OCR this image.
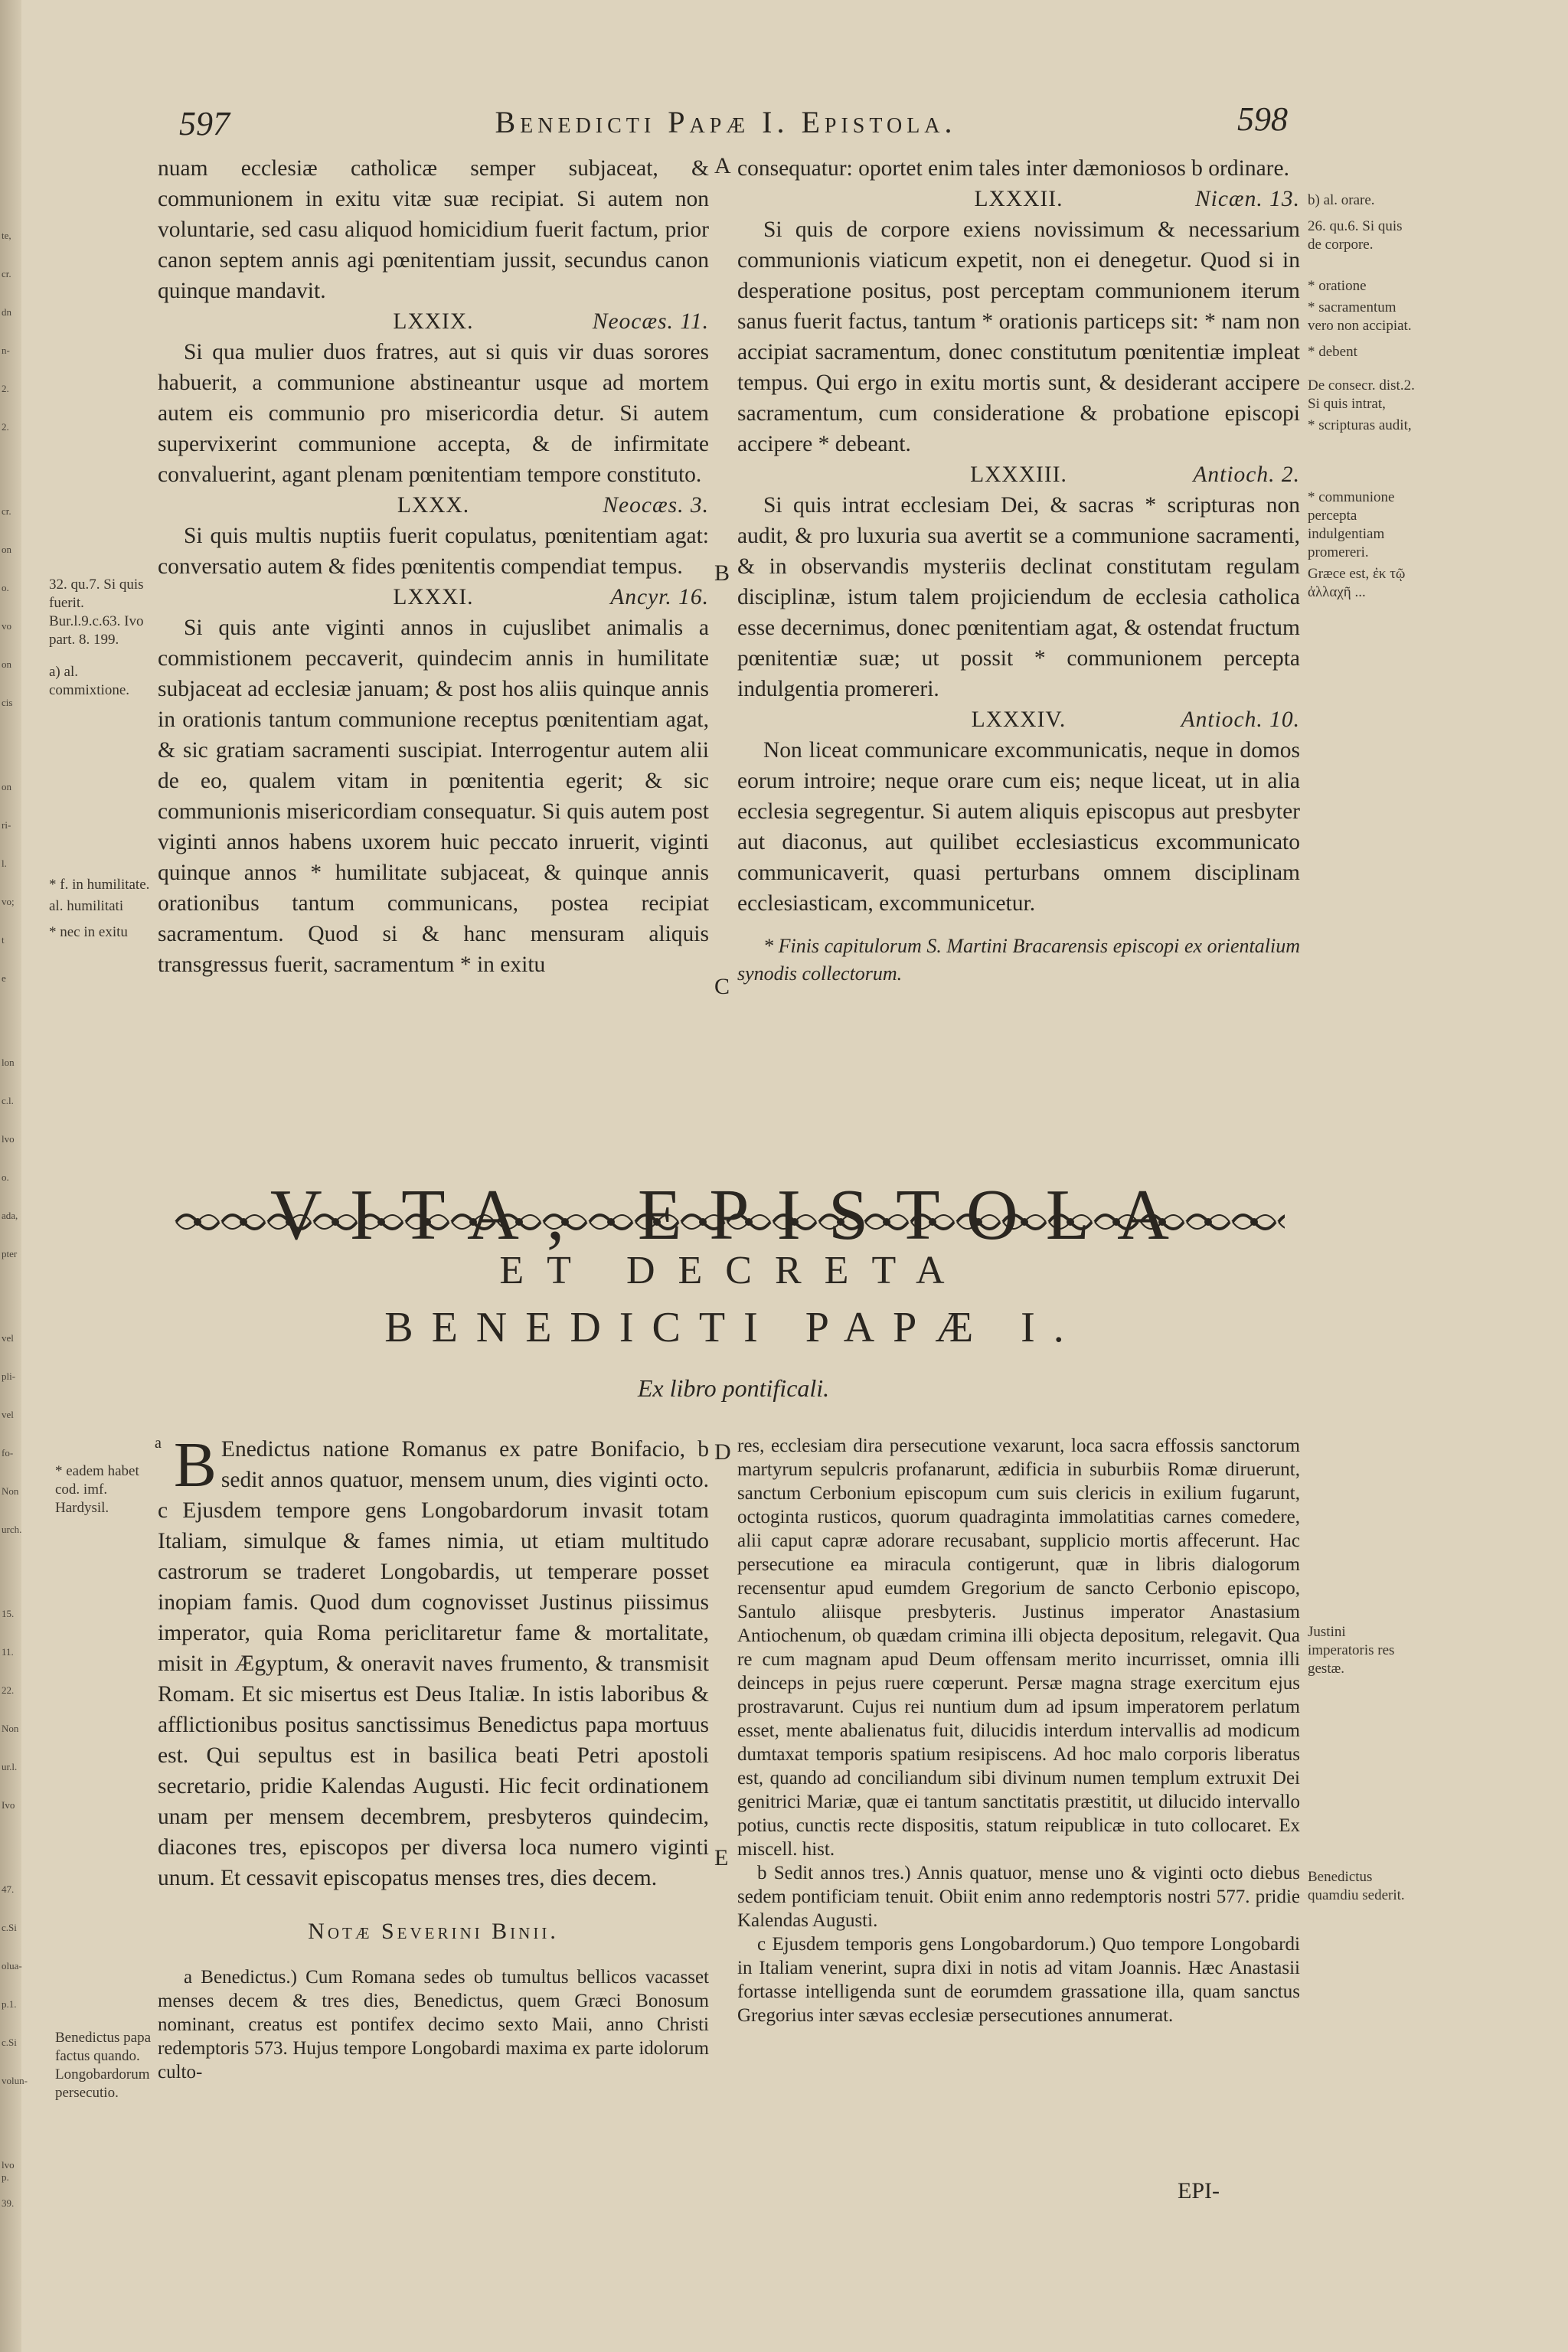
te,
cr.
dn
n-
2.
2.
cr.
on
o.
vo
on
cis
on
ri-
l.
vo;
t
e
lon
c.l.
lvo
o.
ada,
pter
vel
pli-
vel
fo-
Non
urch.
15.
11.
22.
Non
ur.l.
Ivo
47.
c.Si
olua-
p.1.
c.Si
volun-
lvo p.
39.
597	Benedicti Papæ I. Epistola.	598

nuam ecclesiæ catholicæ semper subjaceat, & communionem in exitu vitæ suæ recipiat. Si autem non voluntarie, sed casu aliquod homicidium fuerit factum, prior canon septem annis agi pœnitentiam jussit, secundus canon quinque mandavit.

LXXIX.	Neocæs. 11.

Si qua mulier duos fratres, aut si quis vir duas sorores habuerit, a communione abstineantur usque ad mortem autem eis communio pro misericordia detur. Si autem supervixerint communione accepta, & de infirmitate convaluerint, agant plenam pœnitentiam tempore constituto.

LXXX.	Neocæs. 3.

Si quis multis nuptiis fuerit copulatus, pœnitentiam agat: conversatio autem & fides pœnitentis compendiat tempus.

LXXXI.	Ancyr. 16.

Si quis ante viginti annos in cujuslibet animalis a commistionem peccaverit, quindecim annis in humilitate subjaceat ad ecclesiæ januam; & post hos aliis quinque annis in orationis tantum communione receptus pœnitentiam agat, & sic gratiam sacramenti suscipiat. Interrogentur autem alii de eo, qualem vitam in pœnitentia egerit; & sic communionis misericordiam consequatur. Si quis autem post viginti annos habens uxorem huic peccato inruerit, viginti quinque annos * humilitate subjaceat, & quinque annis orationibus tantum communicans, postea recipiat sacramentum. Quod si & hanc mensuram aliquis transgressus fuerit, sacramentum * in exitu

consequatur: oportet enim tales inter dæmoniosos b ordinare.

LXXXII.	Nicæn. 13.

Si quis de corpore exiens novissimum & necessarium communionis viaticum expetit, non ei denegetur. Quod si in desperatione positus, post perceptam communionem iterum sanus fuerit factus, tantum * orationis particeps sit: * nam non accipiat sacramentum, donec constitutum pœnitentiæ impleat tempus. Qui ergo in exitu mortis sunt, & desiderant accipere sacramentum, cum consideratione & probatione episcopi accipere * debeant.

LXXXIII.	Antioch. 2.

Si quis intrat ecclesiam Dei, & sacras * scripturas non audit, & pro luxuria sua avertit se a communione sacramenti, & in observandis mysteriis declinat constitutam regulam disciplinæ, istum talem projiciendum de ecclesia catholica esse decernimus, donec pœnitentiam agat, & ostendat fructum pœnitentiæ suæ; ut possit * communionem percepta indulgentia promereri.

LXXXIV.	Antioch. 10.

Non liceat communicare excommunicatis, neque in domos eorum introire; neque orare cum eis; neque liceat, ut in alia ecclesia segregentur. Si autem aliquis episcopus aut presbyter aut diaconus, aut quilibet ecclesiasticus excommunicato communicaverit, quasi perturbans omnem disciplinam ecclesiasticam, excommunicetur.

* Finis capitulorum S. Martini Bracarensis episcopi ex orientalium synodis collectorum.

A
B
C
D
E
32. qu.7. Si quis fuerit. Bur.l.9.c.63. Ivo part. 8. 199.
a) al. commixtione.
* f. in humilitate.
al. humilitati
* nec in exitu
b) al. orare.
26. qu.6. Si quis de corpore.
* oratione
* sacramentum vero non accipiat.
* debent
De consecr. dist.2. Si quis intrat,
* scripturas audit,
* communione percepta indulgentiam promereri.
Græce est, ἐκ τῷ ἀλλαχῆ ...
VITA, EPISTOLA
ET DECRETA
BENEDICTI PAPÆ I.
Ex libro pontificali.

a B Enedictus natione Romanus ex patre Bonifacio, b sedit annos quatuor, mensem unum, dies viginti octo. c Ejusdem tempore gens Longobardorum invasit totam Italiam, simulque & fames nimia, ut etiam multitudo castrorum se traderet Longobardis, ut temperare posset inopiam famis. Quod dum cognovisset Justinus piissimus imperator, quia Roma periclitaretur fame & mortalitate, misit in Ægyptum, & oneravit naves frumento, & transmisit Romam. Et sic misertus est Deus Italiæ. In istis laboribus & afflictionibus positus sanctissimus Benedictus papa mortuus est. Qui sepultus est in basilica beati Petri apostoli secretario, pridie Kalendas Augusti. Hic fecit ordinationem unam per mensem decembrem, presbyteros quindecim, diacones tres, episcopos per diversa loca numero viginti unum. Et cessavit episcopatus menses tres, dies decem.

Notæ Severini Binii.

a Benedictus.) Cum Romana sedes ob tumultus bellicos vacasset menses decem & tres dies, Benedictus, quem Græci Bonosum nominant, creatus est pontifex decimo sexto Maii, anno Christi redemptoris 573. Hujus tempore Longobardi maxima ex parte idolorum culto-

res, ecclesiam dira persecutione vexarunt, loca sacra effossis sanctorum martyrum sepulcris profanarunt, ædificia in suburbiis Romæ diruerunt, sanctum Cerbonium episcopum cum suis clericis in exilium fugarunt, octoginta rusticos, quorum quadraginta immolatitias carnes comedere, alii caput capræ adorare recusabant, supplicio mortis affecerunt. Hac persecutione ea miracula contigerunt, quæ in libris dialogorum recensentur apud eumdem Gregorium de sancto Cerbonio episcopo, Santulo aliisque presbyteris. Justinus imperator Anastasium Antiochenum, ob quædam crimina illi objecta depositum, relegavit. Qua re cum magnam apud Deum offensam merito incurrisset, omnia illi deinceps in pejus ruere cœperunt. Persæ magna strage exercitum ejus prostravarunt. Cujus rei nuntium dum ad ipsum imperatorem perlatum esset, mente abalienatus fuit, dilucidis interdum intervallis ad modicum dumtaxat temporis spatium resipiscens. Ad hoc malo corporis liberatus est, quando ad conciliandum sibi divinum numen templum extruxit Dei genitrici Mariæ, quæ ei tantum sanctitatis præstitit, ut dilucido intervallo potius, cunctis recte dispositis, statum reipublicæ in tuto collocaret. Ex miscell. hist.

b Sedit annos tres.) Annis quatuor, mense uno & viginti octo diebus sedem pontificiam tenuit. Obiit enim anno redemptoris nostri 577. pridie Kalendas Augusti.

c Ejusdem temporis gens Longobardorum.) Quo tempore Longobardi in Italiam venerint, supra dixi in notis ad vitam Joannis. Hæc Anastasii fortasse intelligenda sunt de eorumdem grassatione illa, quam sanctus Gregorius inter sævas ecclesiæ persecutiones annumerat.

* eadem habet cod. imf. Hardysil.
Benedictus papa factus quando. Longobardorum persecutio.
Justini imperatoris res gestæ.
Benedictus quamdiu sederit.
EPI-
